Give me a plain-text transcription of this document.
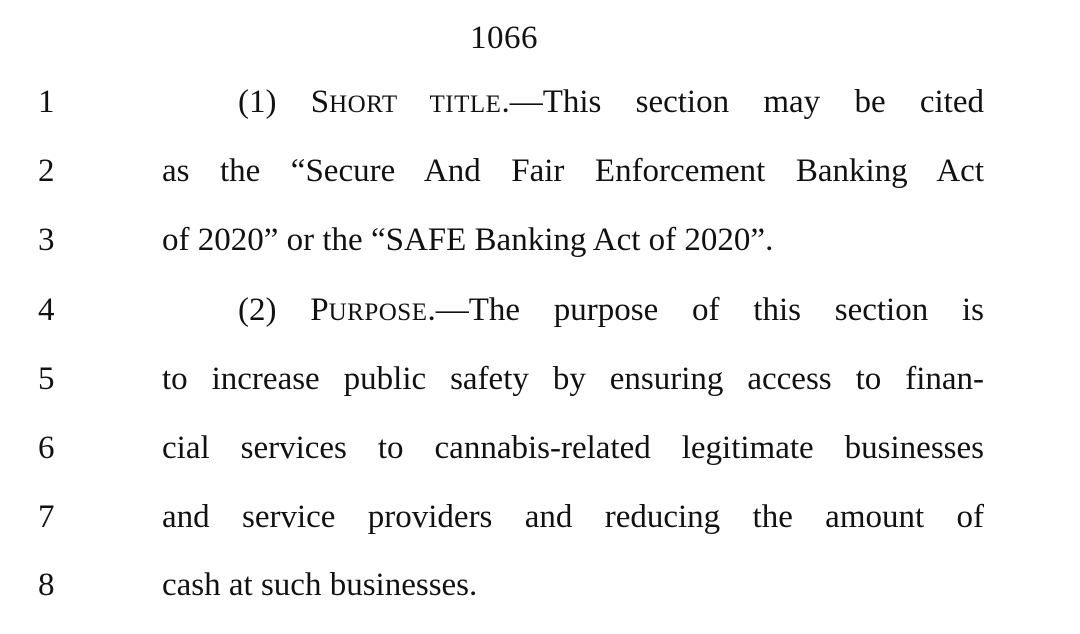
1066
1	(1) SHORT TITLE.—This section may be cited
2	as the “Secure And Fair Enforcement Banking Act
3	of 2020” or the “SAFE Banking Act of 2020”.
4	(2) PURPOSE.—The purpose of this section is
5	to increase public safety by ensuring access to finan-
6	cial services to cannabis-related legitimate businesses
7	and service providers and reducing the amount of
8	cash at such businesses.
